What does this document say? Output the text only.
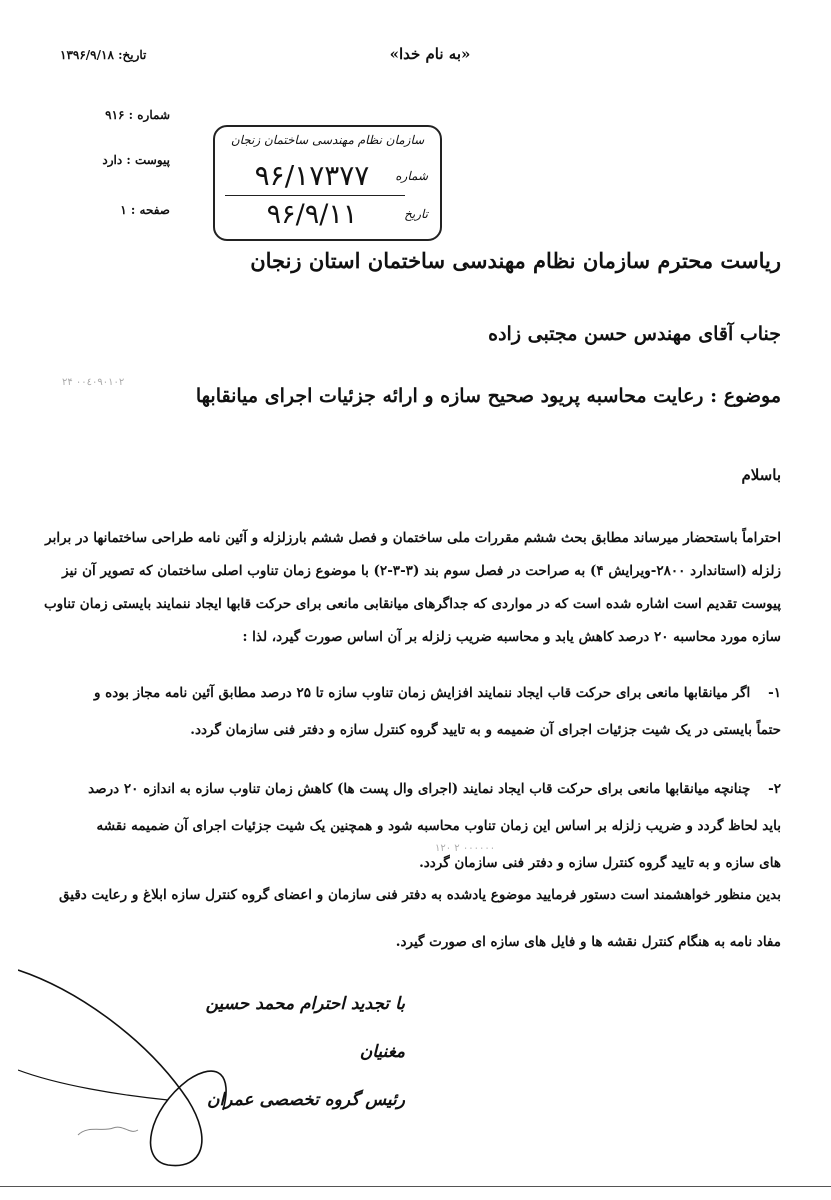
«به نام خدا»
تاریخ: ۱۳۹۶/۹/۱۸
شماره : ۹۱۶
پیوست : دارد
صفحه : ۱
سازمان نظام مهندسی ساختمان زنجان
شماره
۹۶/۱۷۳۷۷
تاریخ
۹۶/۹/۱۱
ریاست محترم سازمان نظام مهندسی ساختمان استان زنجان
جناب آقای مهندس حسن مجتبی زاده
موضوع : رعایت محاسبه پریود صحیح سازه و ارائه جزئیات اجرای میانقابها
۲۴ ٠٠٤٠٩٠١٠٢
باسلام
احتراماً باستحضار میرساند مطابق بحث ششم مقررات ملی ساختمان و فصل ششم بارزلزله و آئین نامه طراحی ساختمانها در برابر زلزله (استاندارد ۲۸۰۰-ویرایش ۴) به صراحت در فصل سوم بند (۳-۳-۲) با موضوع زمان تناوب اصلی ساختمان که تصویر آن نیز پیوست تقدیم است اشاره شده است که در مواردی که جداگرهای میانقابی مانعی برای حرکت قابها ایجاد ننمایند بایستی زمان تناوب سازه مورد محاسبه ۲۰ درصد کاهش یابد و محاسبه ضریب زلزله بر آن اساس صورت گیرد، لذا :
۱- اگر میانقابها مانعی برای حرکت قاب ایجاد ننمایند افزایش زمان تناوب سازه تا ۲۵ درصد مطابق آئین نامه مجاز بوده و حتماً بایستی در یک شیت جزئیات اجرای آن ضمیمه و به تایید گروه کنترل سازه و دفتر فنی سازمان گردد.
۲- چنانچه میانقابها مانعی برای حرکت قاب ایجاد نمایند (اجرای وال پست ها) کاهش زمان تناوب سازه به اندازه ۲۰ درصد باید لحاظ گردد و ضریب زلزله بر اساس این زمان تناوب محاسبه شود و همچنین یک شیت جزئیات اجرای آن ضمیمه نقشه های سازه و به تایید گروه کنترل سازه و دفتر فنی سازمان گردد.
۱۲۰ ٠٠٠٠٠٠ ٢
بدین منظور خواهشمند است دستور فرمایید موضوع یادشده به دفتر فنی سازمان و اعضای گروه کنترل سازه ابلاغ و رعایت دقیق مفاد نامه به هنگام کنترل نقشه ها و فایل های سازه ای صورت گیرد.
با تجدید احترام محمد حسین مغنیان
رئیس گروه تخصصی عمران
